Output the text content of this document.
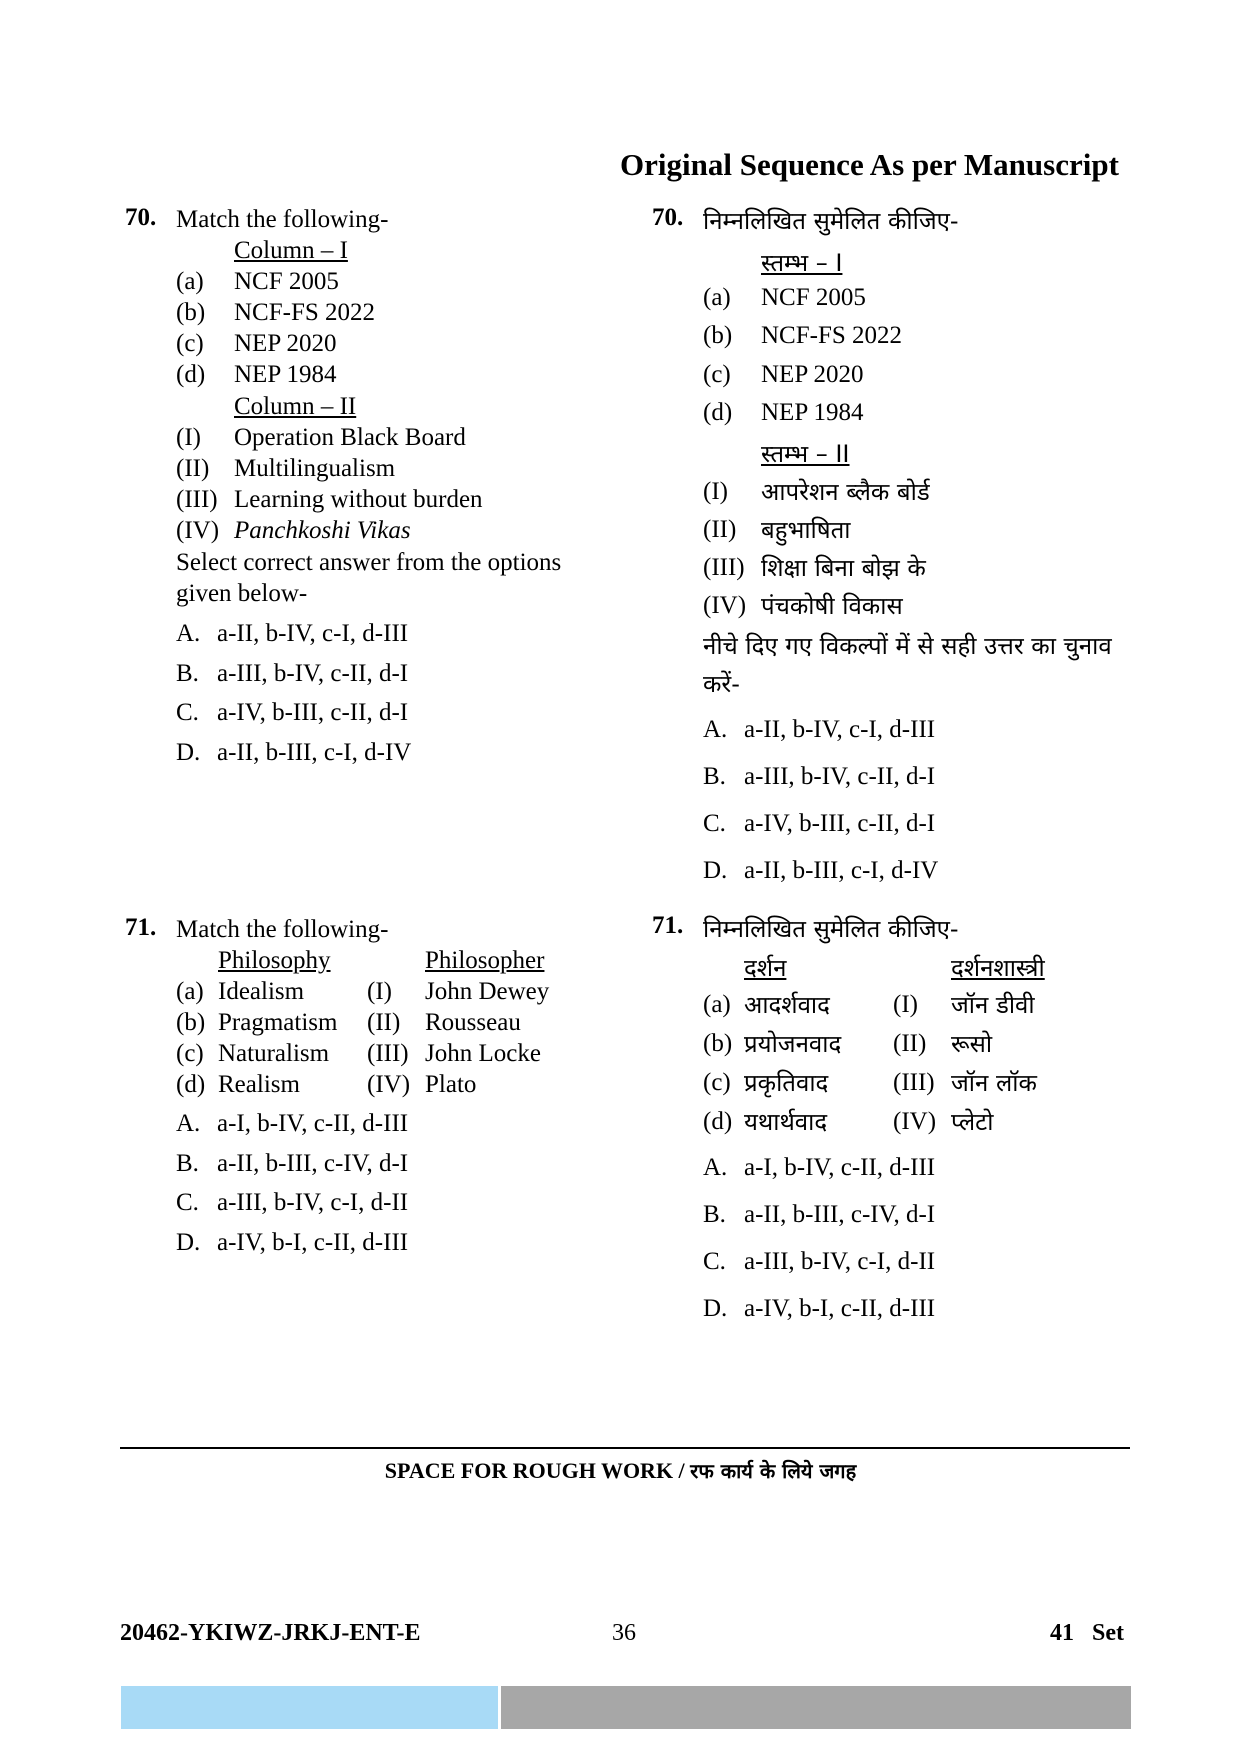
Original Sequence As per Manuscript
70. Match the following-
Column – I
(a) NCF 2005
(b) NCF-FS 2022
(c) NEP 2020
(d) NEP 1984
Column – II
(I) Operation Black Board
(II) Multilingualism
(III) Learning without burden
(IV) Panchkoshi Vikas
Select correct answer from the options
given below-
A. a-II, b-IV, c-I, d-III
B. a-III, b-IV, c-II, d-I
C. a-IV, b-III, c-II, d-I
D. a-II, b-III, c-I, d-IV
70. निम्नलिखित सुमेलित कीजिए-
स्तम्भ – I
(a) NCF 2005
(b) NCF-FS 2022
(c) NEP 2020
(d) NEP 1984
स्तम्भ – II
(I) आपरेशन ब्लैक बोर्ड
(II) बहुभाषिता
(III) शिक्षा बिना बोझ के
(IV) पंचकोषी विकास
नीचे दिए गए विकल्पों में से सही उत्तर का चुनाव
करें-
A. a-II, b-IV, c-I, d-III
B. a-III, b-IV, c-II, d-I
C. a-IV, b-III, c-II, d-I
D. a-II, b-III, c-I, d-IV
71. Match the following-
Philosophy	Philosopher
(a) Idealism	(I) John Dewey
(b) Pragmatism (II) Rousseau
(c) Naturalism (III) John Locke
(d) Realism	(IV) Plato
A. a-I, b-IV, c-II, d-III
B. a-II, b-III, c-IV, d-I
C. a-III, b-IV, c-I, d-II
D. a-IV, b-I, c-II, d-III
71. निम्नलिखित सुमेलित कीजिए-
दर्शन	दर्शनशास्त्री
(a) आदर्शवाद	(I) जॉन डीवी
(b) प्रयोजनवाद (II) रूसो
(c) प्रकृतिवाद	(III) जॉन लॉक
(d) यथार्थवाद	(IV) प्लेटो
A. a-I, b-IV, c-II, d-III
B. a-II, b-III, c-IV, d-I
C. a-III, b-IV, c-I, d-II
D. a-IV, b-I, c-II, d-III
SPACE FOR ROUGH WORK / रफ कार्य के लिये जगह
20462-YKIWZ-JRKJ-ENT-E	36	41   Set
